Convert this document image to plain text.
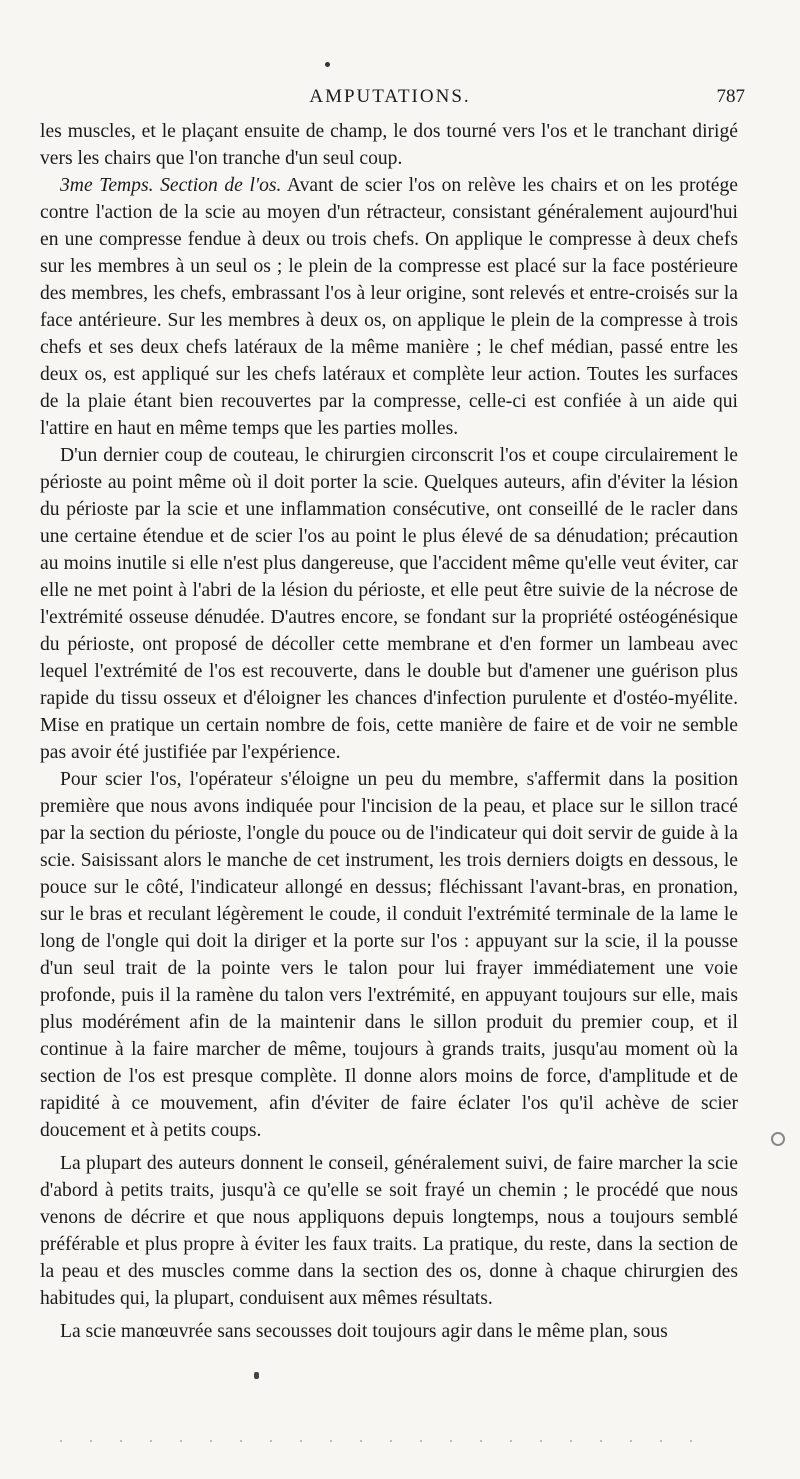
AMPUTATIONS.	787

les muscles, et le plaçant ensuite de champ, le dos tourné vers l'os et le tranchant dirigé vers les chairs que l'on tranche d'un seul coup.

3me Temps. Section de l'os. Avant de scier l'os on relève les chairs et on les protége contre l'action de la scie au moyen d'un rétracteur, consistant généralement aujourd'hui en une compresse fendue à deux ou trois chefs. On applique le compresse à deux chefs sur les membres à un seul os ; le plein de la compresse est placé sur la face postérieure des membres, les chefs, embrassant l'os à leur origine, sont relevés et entre-croisés sur la face antérieure. Sur les membres à deux os, on applique le plein de la compresse à trois chefs et ses deux chefs latéraux de la même manière ; le chef médian, passé entre les deux os, est appliqué sur les chefs latéraux et complète leur action. Toutes les surfaces de la plaie étant bien recouvertes par la compresse, celle-ci est confiée à un aide qui l'attire en haut en même temps que les parties molles.

D'un dernier coup de couteau, le chirurgien circonscrit l'os et coupe circulairement le périoste au point même où il doit porter la scie. Quelques auteurs, afin d'éviter la lésion du périoste par la scie et une inflammation consécutive, ont conseillé de le racler dans une certaine étendue et de scier l'os au point le plus élevé de sa dénudation; précaution au moins inutile si elle n'est plus dangereuse, que l'accident même qu'elle veut éviter, car elle ne met point à l'abri de la lésion du périoste, et elle peut être suivie de la nécrose de l'extrémité osseuse dénudée. D'autres encore, se fondant sur la propriété ostéogénésique du périoste, ont proposé de décoller cette membrane et d'en former un lambeau avec lequel l'extrémité de l'os est recouverte, dans le double but d'amener une guérison plus rapide du tissu osseux et d'éloigner les chances d'infection purulente et d'ostéo-myélite. Mise en pratique un certain nombre de fois, cette manière de faire et de voir ne semble pas avoir été justifiée par l'expérience.

Pour scier l'os, l'opérateur s'éloigne un peu du membre, s'affermit dans la position première que nous avons indiquée pour l'incision de la peau, et place sur le sillon tracé par la section du périoste, l'ongle du pouce ou de l'indicateur qui doit servir de guide à la scie. Saisissant alors le manche de cet instrument, les trois derniers doigts en dessous, le pouce sur le côté, l'indicateur allongé en dessus; fléchissant l'avant-bras, en pronation, sur le bras et reculant légèrement le coude, il conduit l'extrémité terminale de la lame le long de l'ongle qui doit la diriger et la porte sur l'os : appuyant sur la scie, il la pousse d'un seul trait de la pointe vers le talon pour lui frayer immédiatement une voie profonde, puis il la ramène du talon vers l'extrémité, en appuyant toujours sur elle, mais plus modérément afin de la maintenir dans le sillon produit du premier coup, et il continue à la faire marcher de même, toujours à grands traits, jusqu'au moment où la section de l'os est presque complète. Il donne alors moins de force, d'amplitude et de rapidité à ce mouvement, afin d'éviter de faire éclater l'os qu'il achève de scier doucement et à petits coups.

La plupart des auteurs donnent le conseil, généralement suivi, de faire marcher la scie d'abord à petits traits, jusqu'à ce qu'elle se soit frayé un chemin ; le procédé que nous venons de décrire et que nous appliquons depuis longtemps, nous a toujours semblé préférable et plus propre à éviter les faux traits. La pratique, du reste, dans la section de la peau et des muscles comme dans la section des os, donne à chaque chirurgien des habitudes qui, la plupart, conduisent aux mêmes résultats.

La scie manœuvrée sans secousses doit toujours agir dans le même plan, sous
